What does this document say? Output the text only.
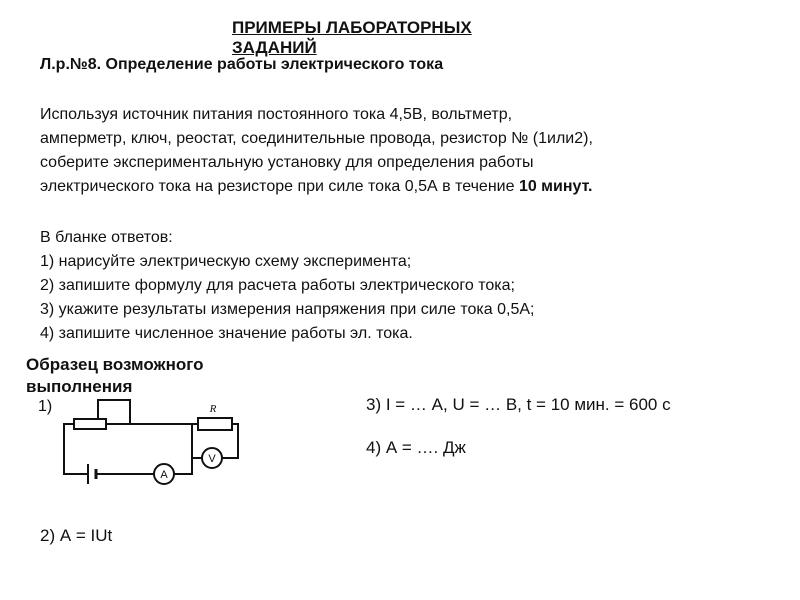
ПРИМЕРЫ ЛАБОРАТОРНЫХ ЗАДАНИЙ
Л.р.№8. Определение работы электрического тока
Используя источник питания постоянного тока 4,5В, вольтметр,
амперметр, ключ, реостат, соединительные провода, резистор № (1или2),
соберите экспериментальную установку для определения работы
электрического тока на резисторе при силе тока 0,5А в течение 10 минут.
В бланке ответов:
1) нарисуйте электрическую схему эксперимента;
2) запишите формулу для расчета работы электрического тока;
3) укажите результаты измерения напряжения при силе тока 0,5А;
4) запишите численное значение работы эл. тока.
Образец возможного выполнения
1)	R
V
A
3) I = … А, U = … В, t = 10 мин. = 600 с
4) А = …. Дж
2) А = IUt
